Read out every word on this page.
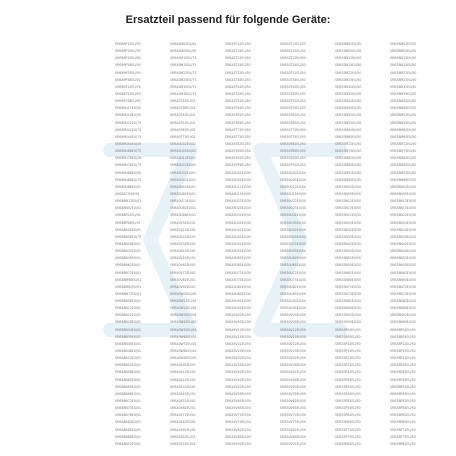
Ersatzteil passend für folgende Geräte:
SMS69P12EU/50
SMS69P15EU/50
SMS69P15EU/60
SMS69P18EU/50
SMS69P25EU/50
SMS69P28EU/01
SMS69T12EU/76
SMS69T22EU/50
SMS69T28EU/50
SMS69U11EU/50
SMS69U18EU/50
SMS69U22EU/73
SMS69U42EU/73
SMS69U44EU/73
SMS69U44EU/50
SMS69U68EU/73
SMS69U78EU/26
SMS69U78EU/73
SMS69U88EU/50
SMS69U88EU/73
SMS69U88EU/01
SMS6ZCI00E/01
SMS68M12EU/01
SMS68N02EU/01
SMS68P22EU/01
SMS68P58EU/01
SMS68N05EU/01
SMS68N06EU/73
SMS68N28EU/01
SMS68N32EU/01
SMS68N45EU/01
SMS68N62EU/01
SMS68N72EU/01
SMS68M58EU/01
SMS68M62EU/01
SMS68M72EU/01
SMS68N06EU/01
SMS68N12EU/01
SMS68N22EU/01
SMS68N28EU/01
SMS68N34EU/01
SMS68N35EU/01
SMS68N45EU/01
SMS68N48EU/01
SMS68N52EU/01
SMS68N55EU/01
SMS68N58EU/01
SMS68N62EU/01
SMS68N65EU/01
SMS68N68EU/01
SMS68N72EU/01
SMS68N75EU/01
SMS68N78EU/01
SMS68N82EU/01
SMS68N85EU/01
SMS68N88EU/01
SMS68N92EU/01
SMS40M02EU/50
SMS40M05EU/50
SMS40M12EU/73
SMS40M15EU/75
SMS40M22EU/73
SMS40M25EU/73
SMS40M32EU/73
SMS40M35EU/73
SMS40T32EU/01
SMS40T38EU/01
SMS40T42EU/01
SMS40T52EU/01
SMS40T62EU/01
SMS40T72EU/01
SMS40U02EU/01
SMS40U05EU/01
SMS40U12EU/01
SMS40U22EU/01
SMS40U32EU/01
SMS40U42EU/01
SMS40U52EU/01
SMS40U62EU/01
SMS40U72EU/01
SMS40U82EU/01
SMS40U88EU/01
SMS40V02EU/01
SMS40V12EU/01
SMS40V22EU/01
SMS40V32EU/01
SMS40V42EU/01
SMS40V52EU/01
SMS40V62EU/01
SMS40V72EU/01
SMS40V82EU/01
SMS40V92EU/01
SMS40W02EU/01
SMS40W12EU/01
SMS40W22EU/01
SMS40W32EU/01
SMS40W42EU/01
SMS40W52EU/01
SMS40W62EU/01
SMS40W72EU/01
SMS40W82EU/01
SMS40W92EU/01
SMS40X02EU/01
SMS40X12EU/01
SMS40X22EU/01
SMS40X32EU/01
SMS40X42EU/01
SMS40X52EU/01
SMS40X62EU/01
SMS40X72EU/01
SMS40X82EU/01
SMS40X92EU/01
SMS40Y02EU/01
SMS40Y12EU/01
SMS45T12EU/50
SMS45T15EU/50
SMS45T22EU/50
SMS45T25EU/50
SMS45T32EU/50
SMS45T35EU/50
SMS45T42EU/50
SMS45T45EU/50
SMS45T52EU/50
SMS45T55EU/50
SMS45T62EU/50
SMS45T65EU/50
SMS45T72EU/50
SMS45T75EU/50
SMS45T82EU/50
SMS45T85EU/50
SMS45T92EU/50
SMS45T95EU/50
SMS45U02EU/50
SMS45U05EU/50
SMS45U12EU/50
SMS45U15EU/50
SMS45U22EU/50
SMS45U25EU/50
SMS45U32EU/50
SMS45U35EU/50
SMS45U42EU/50
SMS45U45EU/50
SMS45U52EU/50
SMS45U55EU/50
SMS45U62EU/50
SMS45U65EU/50
SMS45U72EU/50
SMS45U75EU/50
SMS45U82EU/50
SMS45U85EU/50
SMS45U92EU/50
SMS45U95EU/50
SMS45V02EU/50
SMS45V05EU/50
SMS45V12EU/50
SMS45V15EU/50
SMS45V22EU/50
SMS45V25EU/50
SMS45V32EU/50
SMS45V35EU/50
SMS45V42EU/50
SMS45V45EU/50
SMS45V52EU/50
SMS45V55EU/50
SMS45V62EU/50
SMS45V65EU/50
SMS45V72EU/50
SMS45V75EU/50
SMS45V82EU/50
SMS45V85EU/50
SMS45V92EU/50
SMS50T12EU/50
SMS50T15EU/50
SMS50T22EU/50
SMS50T25EU/50
SMS50T32EU/50
SMS50T35EU/50
SMS50T42EU/50
SMS50T45EU/50
SMS50T52EU/50
SMS50T55EU/50
SMS50T62EU/50
SMS50T65EU/50
SMS50T72EU/50
SMS50T75EU/50
SMS50T82EU/50
SMS50T85EU/50
SMS50T92EU/50
SMS50T95EU/50
SMS50U02EU/50
SMS50U05EU/50
SMS50U12EU/50
SMS50U15EU/50
SMS50U22EU/50
SMS50U25EU/50
SMS50U32EU/50
SMS50U35EU/50
SMS50U42EU/50
SMS50U45EU/50
SMS50U52EU/50
SMS50U55EU/50
SMS50U62EU/50
SMS50U65EU/50
SMS50U72EU/50
SMS50U75EU/50
SMS50U82EU/50
SMS50U85EU/50
SMS50U92EU/50
SMS50U95EU/50
SMS50V02EU/50
SMS50V05EU/50
SMS50V12EU/50
SMS50V15EU/50
SMS50V22EU/50
SMS50V25EU/50
SMS50V32EU/50
SMS50V35EU/50
SMS50V42EU/50
SMS50V45EU/50
SMS50V52EU/50
SMS50V55EU/50
SMS50V62EU/50
SMS50V65EU/50
SMS50V72EU/50
SMS50V75EU/50
SMS50V82EU/50
SMS50V85EU/50
SMS50V92EU/50
SMS53M02EU/50
SMS53M05EU/50
SMS53M12EU/50
SMS53M15EU/50
SMS53M22EU/50
SMS53M25EU/50
SMS53M32EU/50
SMS53M35EU/50
SMS53M42EU/50
SMS53M45EU/50
SMS53M52EU/50
SMS53M55EU/50
SMS53M62EU/50
SMS53M65EU/50
SMS53M72EU/50
SMS53M75EU/50
SMS53M82EU/50
SMS53M85EU/50
SMS53M92EU/50
SMS53M95EU/50
SMS53N02EU/50
SMS53N05EU/50
SMS53N12EU/50
SMS53N15EU/50
SMS53N22EU/50
SMS53N25EU/50
SMS53N32EU/50
SMS53N35EU/50
SMS53N42EU/50
SMS53N45EU/50
SMS53N52EU/50
SMS53N55EU/50
SMS53N62EU/50
SMS53N65EU/50
SMS53N72EU/50
SMS53N75EU/50
SMS53N82EU/50
SMS53N85EU/50
SMS53N92EU/50
SMS53N95EU/50
SMS53P02EU/50
SMS53P05EU/50
SMS53P12EU/50
SMS53P15EU/50
SMS53P22EU/50
SMS53P25EU/50
SMS53P32EU/50
SMS53P35EU/50
SMS53P42EU/50
SMS53P45EU/50
SMS53P52EU/50
SMS53P55EU/50
SMS53P62EU/50
SMS53P65EU/50
SMS53P72EU/50
SMS53P75EU/50
SMS53P82EU/50
SMS58M02EU/50
SMS58M05EU/50
SMS58M12EU/50
SMS58M15EU/50
SMS58M22EU/50
SMS58M25EU/50
SMS58M32EU/50
SMS58M35EU/50
SMS58M42EU/50
SMS58M45EU/50
SMS58M52EU/50
SMS58M55EU/50
SMS58M62EU/50
SMS58M65EU/50
SMS58M72EU/50
SMS58M75EU/50
SMS58M82EU/50
SMS58M85EU/50
SMS58M92EU/50
SMS58M95EU/50
SMS58N02EU/50
SMS58N05EU/50
SMS58N12EU/50
SMS58N15EU/50
SMS58N22EU/50
SMS58N25EU/50
SMS58N32EU/50
SMS58N35EU/50
SMS58N42EU/50
SMS58N45EU/50
SMS58N52EU/50
SMS58N55EU/50
SMS58N62EU/50
SMS58N65EU/50
SMS58N72EU/50
SMS58N75EU/50
SMS58N82EU/50
SMS58N85EU/50
SMS58N92EU/50
SMS58N95EU/50
SMS58P02EU/50
SMS58P05EU/50
SMS58P12EU/50
SMS58P15EU/50
SMS58P22EU/50
SMS58P25EU/50
SMS58P32EU/50
SMS58P35EU/50
SMS58P42EU/50
SMS58P45EU/50
SMS58P52EU/50
SMS58P55EU/50
SMS58P62EU/50
SMS58P65EU/50
SMS58P72EU/50
SMS58P75EU/50
SMS58P82EU/50
